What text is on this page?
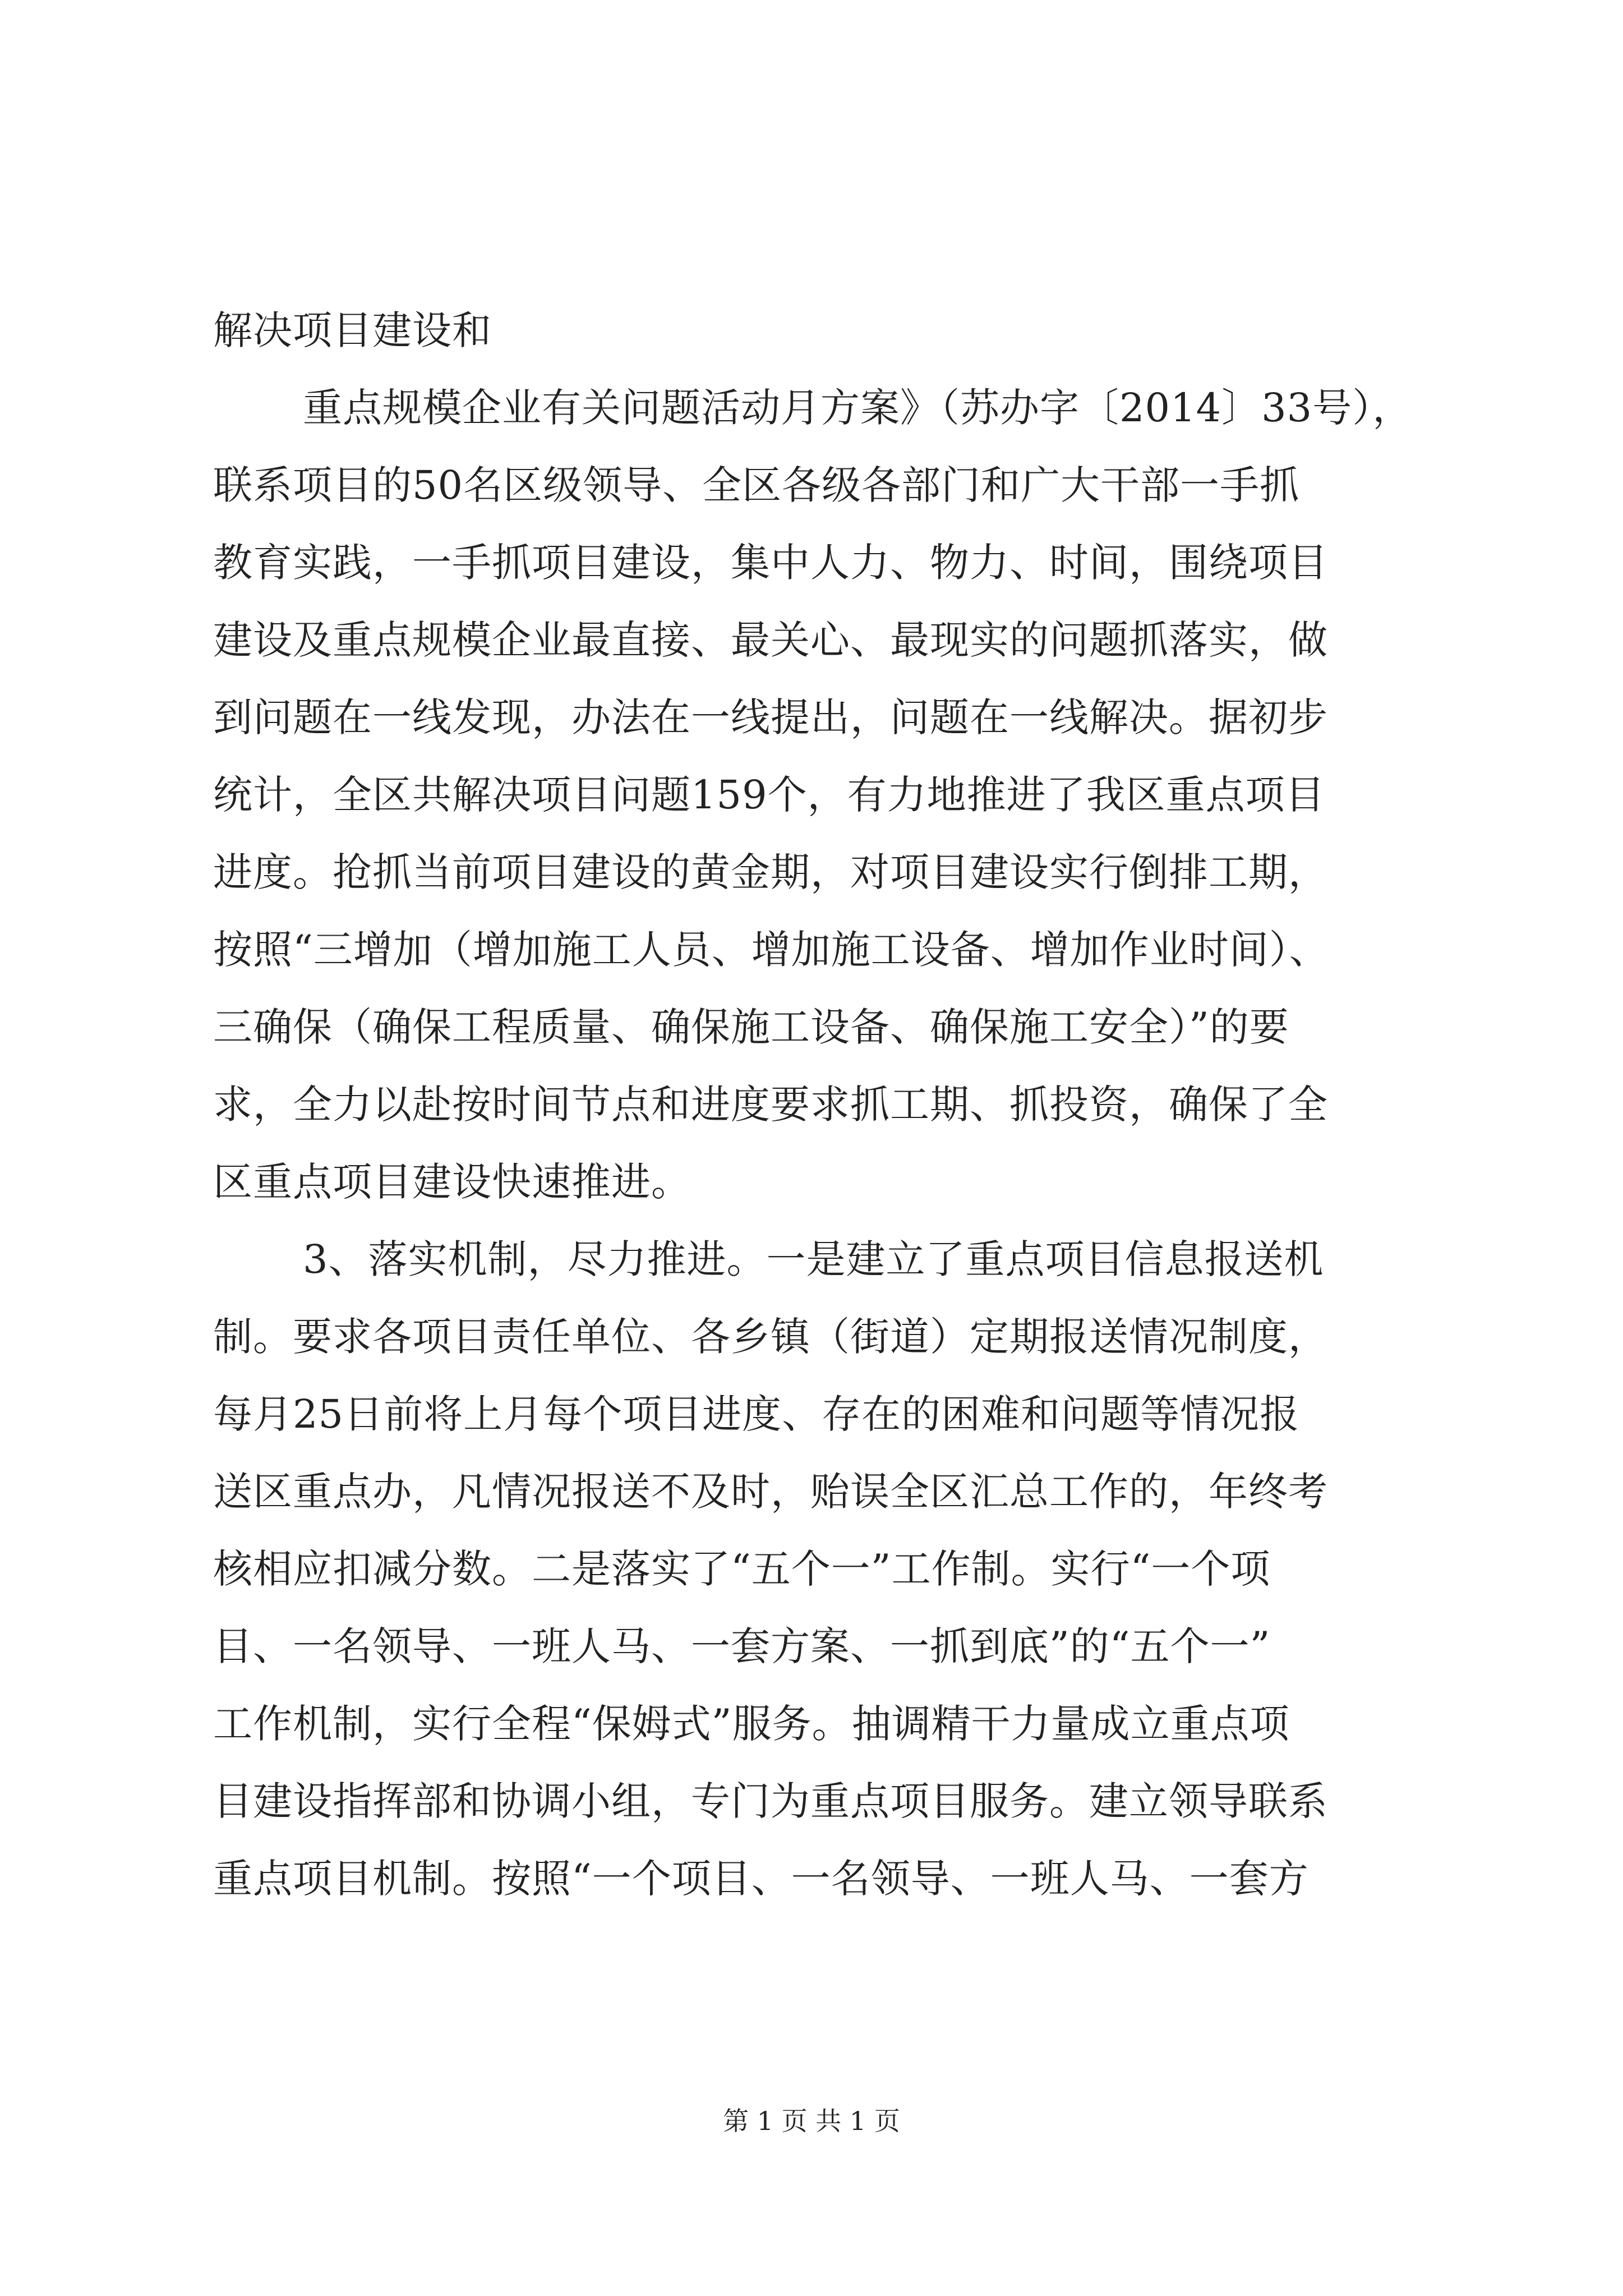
解决项目建设和
重点规模企业有关问题活动月方案》（苏办字〔2014〕33号），
联系项目的50名区级领导、全区各级各部门和广大干部一手抓
教育实践，一手抓项目建设，集中人力、物力、时间，围绕项目
建设及重点规模企业最直接、最关心、最现实的问题抓落实，做
到问题在一线发现，办法在一线提出，问题在一线解决。据初步
统计，全区共解决项目问题159个，有力地推进了我区重点项目
进度。抢抓当前项目建设的黄金期，对项目建设实行倒排工期，
按照“三增加（增加施工人员、增加施工设备、增加作业时间）、
三确保（确保工程质量、确保施工设备、确保施工安全）”的要
求，全力以赴按时间节点和进度要求抓工期、抓投资，确保了全
区重点项目建设快速推进。
3、落实机制，尽力推进。一是建立了重点项目信息报送机
制。要求各项目责任单位、各乡镇（街道）定期报送情况制度，
每月25日前将上月每个项目进度、存在的困难和问题等情况报
送区重点办，凡情况报送不及时，贻误全区汇总工作的，年终考
核相应扣减分数。二是落实了“五个一”工作制。实行“一个项
目、一名领导、一班人马、一套方案、一抓到底”的“五个一”
工作机制，实行全程“保姆式”服务。抽调精干力量成立重点项
目建设指挥部和协调小组，专门为重点项目服务。建立领导联系
重点项目机制。按照“一个项目、一名领导、一班人马、一套方
第 1 页 共 1 页
